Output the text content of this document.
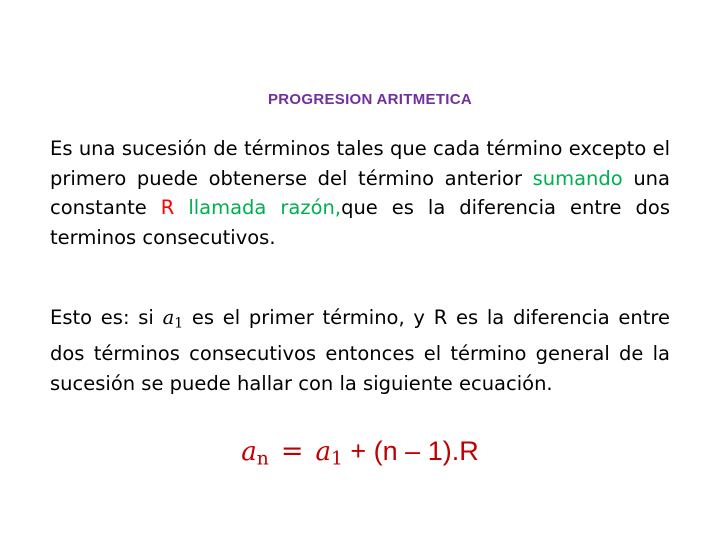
PROGRESION ARITMETICA

Es una sucesión de términos tales que cada término excepto el primero puede obtenerse del término anterior sumando una constante R llamada razón,que es la diferencia entre dos terminos consecutivos.

Esto es: si $a_1$ es el primer término, y R es la diferencia entre dos términos consecutivos entonces el término general de la sucesión se puede hallar con la siguiente ecuación.

$a_n = a_1 + (n - 1).R$
